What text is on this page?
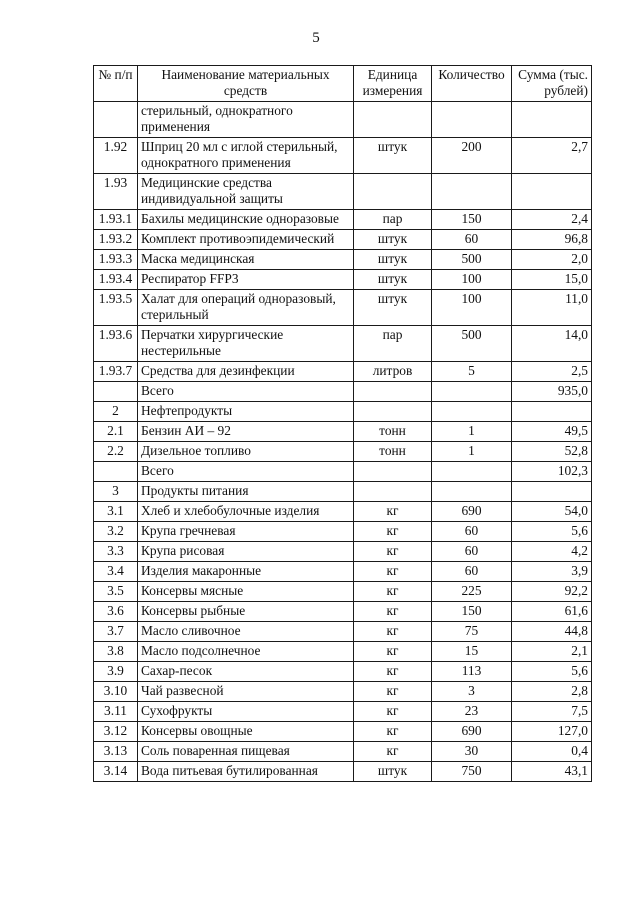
5
№ п/п	Наименование материальных средств	Единица измерения	Количество	Сумма (тыс. рублей)
	стерильный, однократного применения			
1.92	Шприц 20 мл с иглой стерильный, однократного применения	штук	200	2,7
1.93	Медицинские средства индивидуальной защиты			
1.93.1	Бахилы медицинские одноразовые	пар	150	2,4
1.93.2	Комплект противоэпидемический	штук	60	96,8
1.93.3	Маска медицинская	штук	500	2,0
1.93.4	Респиратор FFP3	штук	100	15,0
1.93.5	Халат для операций одноразовый, стерильный	штук	100	11,0
1.93.6	Перчатки хирургические нестерильные	пар	500	14,0
1.93.7	Средства для дезинфекции	литров	5	2,5
	Всего			935,0
2	Нефтепродукты			
2.1	Бензин АИ – 92	тонн	1	49,5
2.2	Дизельное топливо	тонн	1	52,8
	Всего			102,3
3	Продукты питания			
3.1	Хлеб и хлебобулочные изделия	кг	690	54,0
3.2	Крупа гречневая	кг	60	5,6
3.3	Крупа рисовая	кг	60	4,2
3.4	Изделия макаронные	кг	60	3,9
3.5	Консервы мясные	кг	225	92,2
3.6	Консервы рыбные	кг	150	61,6
3.7	Масло сливочное	кг	75	44,8
3.8	Масло подсолнечное	кг	15	2,1
3.9	Сахар-песок	кг	113	5,6
3.10	Чай развесной	кг	3	2,8
3.11	Сухофрукты	кг	23	7,5
3.12	Консервы овощные	кг	690	127,0
3.13	Соль поваренная пищевая	кг	30	0,4
3.14	Вода питьевая бутилированная	штук	750	43,1
